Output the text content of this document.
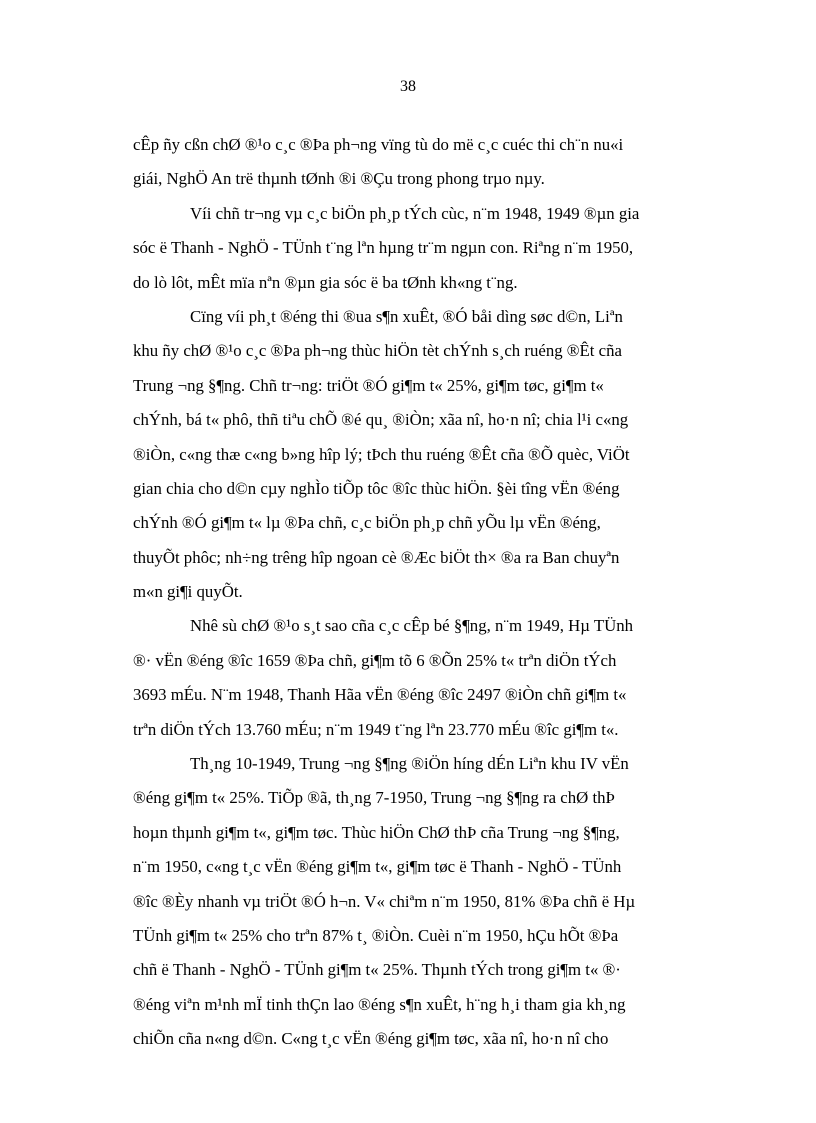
38
cÊp ñy cßn chØ ®¹o c¸c ®Þa ph¬ng vïng tù do më c¸c cuéc thi ch¨n nu«i
giái, NghÖ An trë thµnh tØnh ®i ®Çu trong phong trµo nµy.
Víi chñ tr¬ng vµ c¸c biÖn ph¸p tÝch cùc, n¨m 1948, 1949 ®µn gia
sóc ë Thanh - NghÖ - TÜnh t¨ng lªn hµng tr¨m ngµn con. Riªng n¨m 1950,
do lò lôt, mÊt mïa nªn ®µn gia sóc ë ba tØnh kh«ng t¨ng.
Cïng víi ph¸t ®éng thi ®ua s¶n xuÊt, ®Ó båi dìng søc d©n, Liªn
khu ñy chØ ®¹o c¸c ®Þa ph¬ng thùc hiÖn tèt chÝnh s¸ch ruéng ®Êt cña
Trung ¬ng §¶ng. Chñ tr¬ng: triÖt ®Ó gi¶m t« 25%, gi¶m tøc, gi¶m t«
chÝnh, bá t« phô, thñ tiªu chÕ ®é qu¸ ®iÒn; xãa nî, ho·n nî; chia l¹i c«ng
®iÒn, c«ng thæ c«ng b»ng hîp lý; tÞch thu ruéng ®Êt cña ®Õ quèc, ViÖt
gian chia cho d©n cµy nghÌo tiÕp tôc ®îc thùc hiÖn. §èi tîng vËn ®éng
chÝnh ®Ó gi¶m t« lµ ®Þa chñ, c¸c biÖn ph¸p chñ yÕu lµ vËn ®éng,
thuyÕt phôc; nh÷ng trêng hîp ngoan cè ®Æc biÖt th× ®a ra Ban chuyªn
m«n gi¶i quyÕt.
Nhê sù chØ ®¹o s¸t sao cña c¸c cÊp bé §¶ng, n¨m 1949, Hµ TÜnh
®· vËn ®éng ®îc 1659 ®Þa chñ, gi¶m tõ 6 ®Õn 25% t« trªn diÖn tÝch
3693 mÉu. N¨m 1948, Thanh Hãa vËn ®éng ®îc 2497 ®iÒn chñ gi¶m t«
trªn diÖn tÝch 13.760 mÉu; n¨m 1949 t¨ng lªn 23.770 mÉu ®îc gi¶m t«.
Th¸ng 10-1949, Trung ¬ng §¶ng ®iÖn híng dÉn Liªn khu IV vËn
®éng gi¶m t« 25%. TiÕp ®ã, th¸ng 7-1950, Trung ¬ng §¶ng ra chØ thÞ
hoµn thµnh gi¶m t«, gi¶m tøc. Thùc hiÖn ChØ thÞ cña Trung ¬ng §¶ng,
n¨m 1950, c«ng t¸c vËn ®éng gi¶m t«, gi¶m tøc ë Thanh - NghÖ - TÜnh
®îc ®Èy nhanh vµ triÖt ®Ó h¬n. V« chiªm n¨m 1950, 81% ®Þa chñ ë Hµ
TÜnh gi¶m t« 25% cho trªn 87% t¸ ®iÒn. Cuèi n¨m 1950, hÇu hÕt ®Þa
chñ ë Thanh - NghÖ - TÜnh gi¶m t« 25%. Thµnh tÝch trong gi¶m t« ®·
®éng viªn m¹nh mÏ tinh thÇn lao ®éng s¶n xuÊt, h¨ng h¸i tham gia kh¸ng
chiÕn cña n«ng d©n. C«ng t¸c vËn ®éng gi¶m tøc, xãa nî, ho·n nî cho
